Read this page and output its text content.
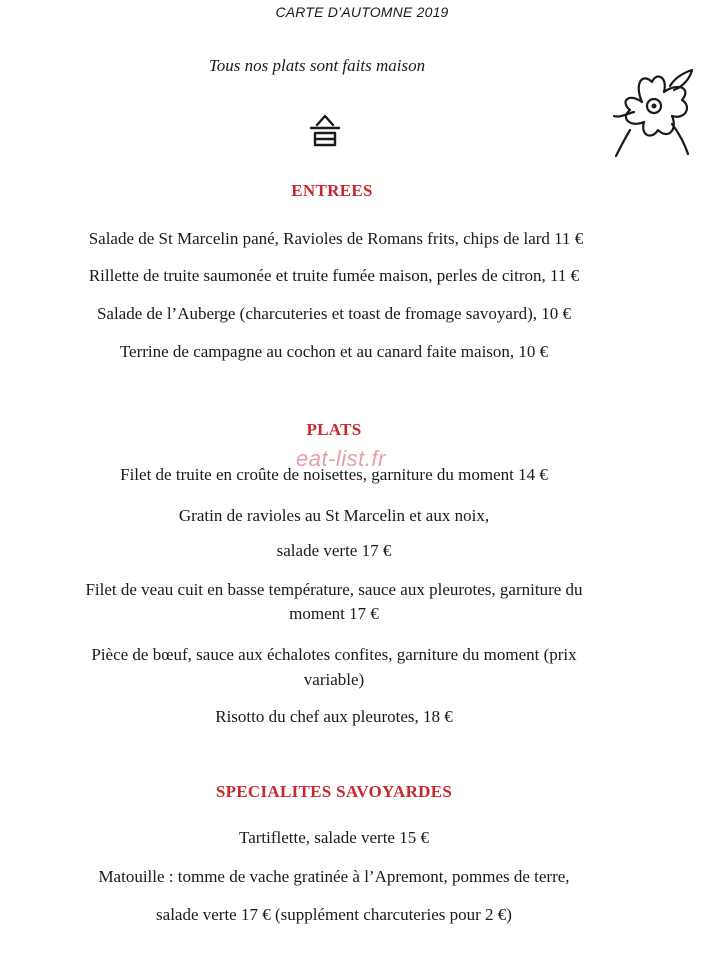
CARTE D’AUTOMNE 2019
Tous nos plats sont faits maison
ENTREES
Salade de St Marcelin pané, Ravioles de Romans frits, chips de lard 11 €
Rillette de truite saumonée et truite fumée maison, perles de citron, 11 €
Salade de l’Auberge (charcuteries et toast de fromage savoyard), 10 €
Terrine de campagne au cochon et au canard faite maison, 10 €
PLATS
Filet de truite en croûte de noisettes, garniture du moment 14 €
Gratin de ravioles au St Marcelin et aux noix,
salade verte 17 €
Filet de veau cuit en basse température, sauce aux pleurotes, garniture du
moment 17 €
Pièce de bœuf, sauce aux échalotes confites, garniture du moment (prix
variable)
Risotto du chef aux pleurotes, 18 €
SPECIALITES SAVOYARDES
Tartiflette, salade verte 15 €
Matouille : tomme de vache gratinée à l’Apremont, pommes de terre,
salade verte 17 € (supplément charcuteries pour 2 €)
eat-list.fr
